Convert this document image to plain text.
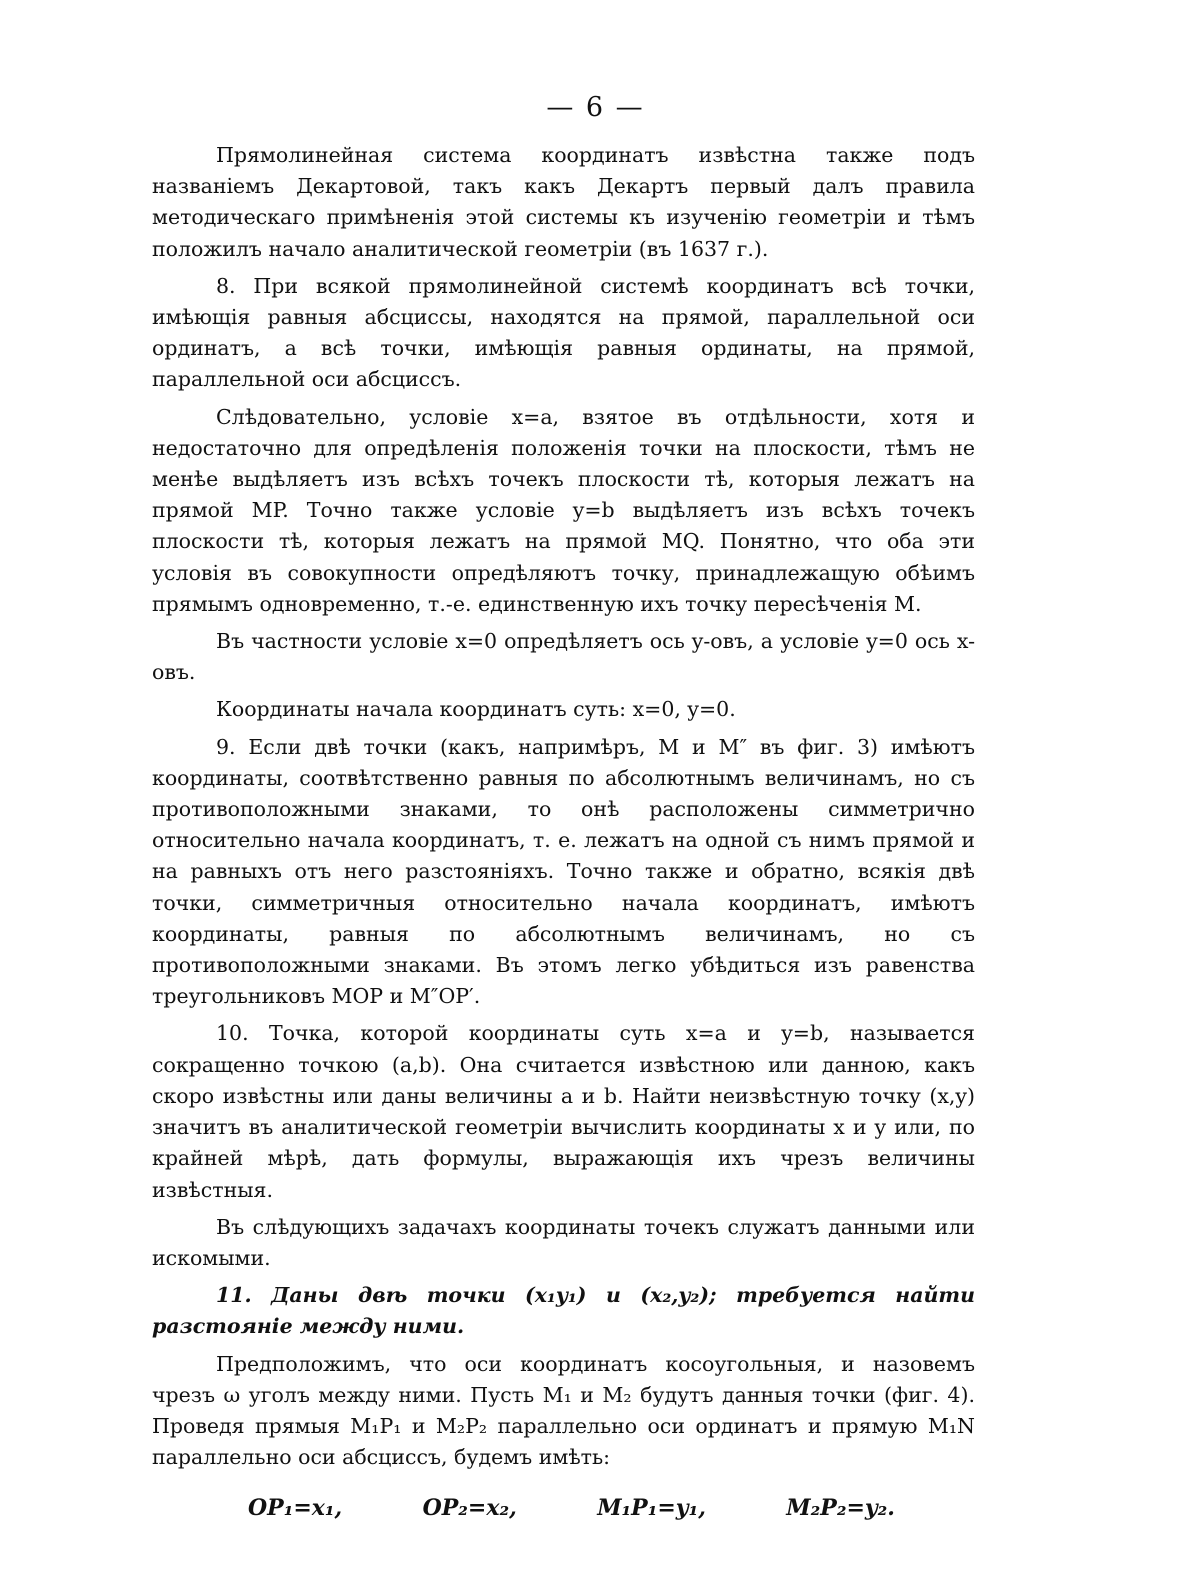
— 6 —

Прямолинейная система координатъ извѣстна также подъ названіемъ Декартовой, такъ какъ Декартъ первый далъ правила методическаго примѣненія этой системы къ изученію геометріи и тѣмъ положилъ начало аналитической геометріи (въ 1637 г.).

8. При всякой прямолинейной системѣ координатъ всѣ точки, имѣющія равныя абсциссы, находятся на прямой, параллельной оси ординатъ, а всѣ точки, имѣющія равныя ординаты, на прямой, параллельной оси абсциссъ.

Слѣдовательно, условіе x=a, взятое въ отдѣльности, хотя и недостаточно для опредѣленія положенія точки на плоскости, тѣмъ не менѣе выдѣляетъ изъ всѣхъ точекъ плоскости тѣ, которыя лежатъ на прямой MP. Точно также условіе y=b выдѣляетъ изъ всѣхъ точекъ плоскости тѣ, которыя лежатъ на прямой MQ. Понятно, что оба эти условія въ совокупности опредѣляютъ точку, принадлежащую обѣимъ прямымъ одновременно, т.-е. единственную ихъ точку пересѣченія M.

Въ частности условіе x=0 опредѣляетъ ось y-овъ, а условіе y=0 ось x-овъ.

Координаты начала координатъ суть: x=0, y=0.

9. Если двѣ точки (какъ, напримѣръ, M и M″ въ фиг. 3) имѣютъ координаты, соотвѣтственно равныя по абсолютнымъ величинамъ, но съ противоположными знаками, то онѣ расположены симметрично относительно начала координатъ, т. е. лежатъ на одной съ нимъ прямой и на равныхъ отъ него разстояніяхъ. Точно также и обратно, всякія двѣ точки, симметричныя относительно начала координатъ, имѣютъ координаты, равныя по абсолютнымъ величинамъ, но съ противоположными знаками. Въ этомъ легко убѣдиться изъ равенства треугольниковъ MOP и M″OP′.

10. Точка, которой координаты суть x=a и y=b, называется сокращенно точкою (a,b). Она считается извѣстною или данною, какъ скоро извѣстны или даны величины a и b. Найти неизвѣстную точку (x,y) значитъ въ аналитической геометріи вычислить координаты x и y или, по крайней мѣрѣ, дать формулы, выражающія ихъ чрезъ величины извѣстныя.

Въ слѣдующихъ задачахъ координаты точекъ служатъ данными или искомыми.

11. Даны двѣ точки (x₁y₁) и (x₂,y₂); требуется найти разстояніе между ними.

Предположимъ, что оси координатъ косоугольныя, и назовемъ чрезъ ω уголъ между ними. Пусть M₁ и M₂ будутъ данныя точки (фиг. 4). Проведя прямыя M₁P₁ и M₂P₂ параллельно оси ординатъ и прямую M₁N параллельно оси абсциссъ, будемъ имѣть:

OP₁=x₁,	OP₂=x₂,	M₁P₁=y₁,	M₂P₂=y₂.
